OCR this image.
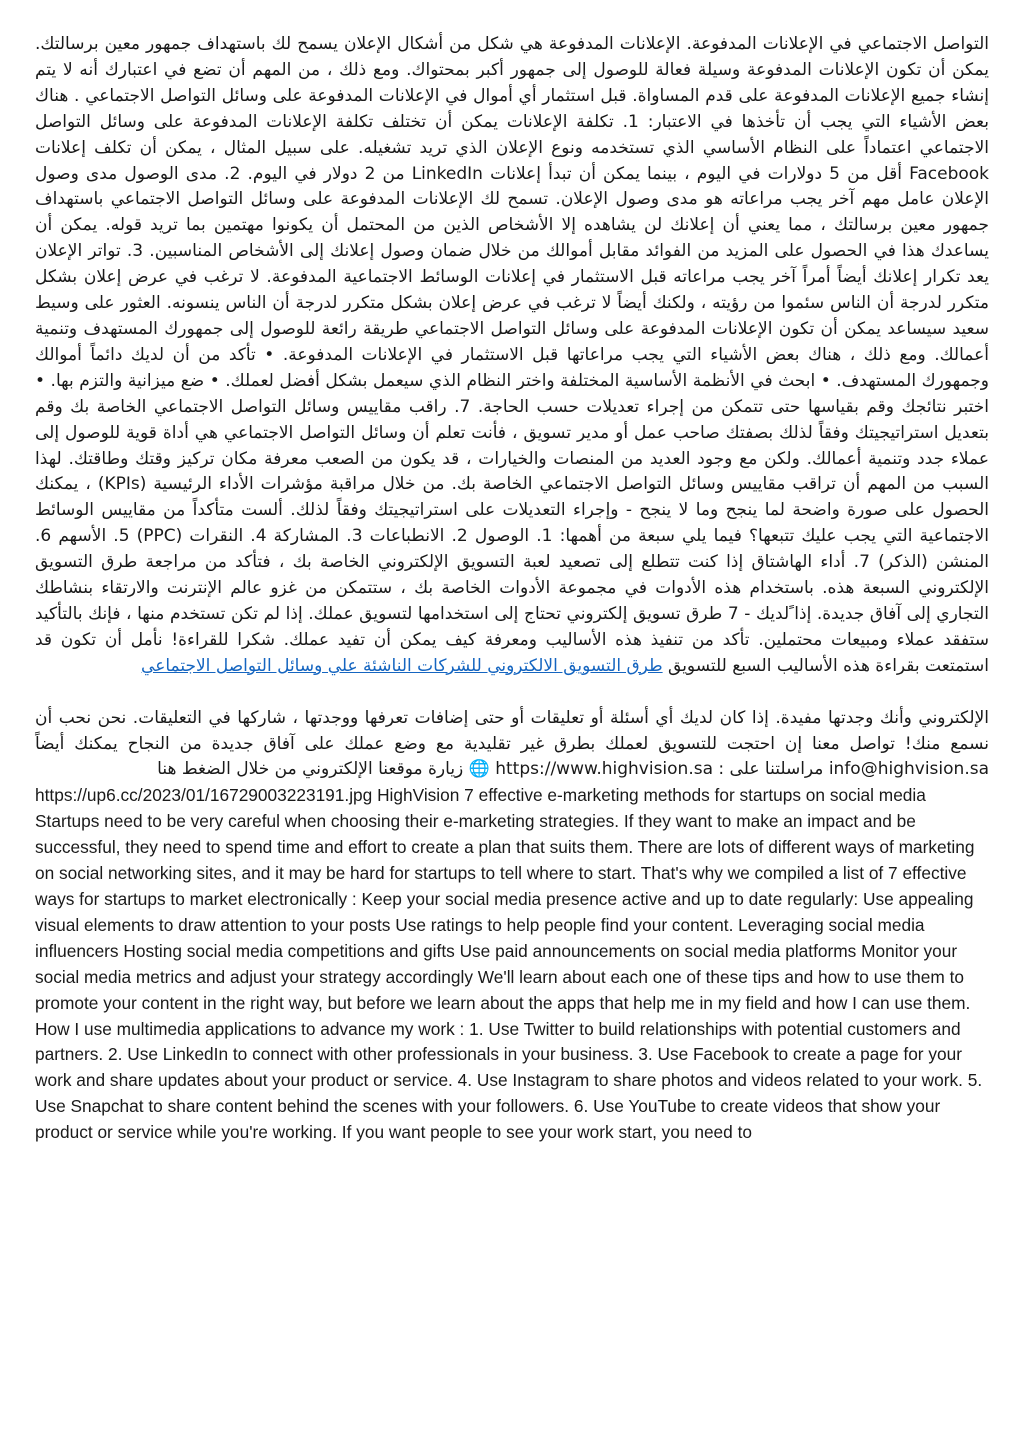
التواصل الاجتماعي في الإعلانات المدفوعة. الإعلانات المدفوعة هي شكل من أشكال الإعلان يسمح لك باستهداف جمهور معين برسالتك. يمكن أن تكون الإعلانات المدفوعة وسيلة فعالة للوصول إلى جمهور أكبر بمحتواك. ومع ذلك ، من المهم أن تضع في اعتبارك أنه لا يتم إنشاء جميع الإعلانات المدفوعة على قدم المساواة. قبل استثمار أي أموال في الإعلانات المدفوعة على وسائل التواصل الاجتماعي . هناك بعض الأشياء التي يجب أن تأخذها في الاعتبار: 1. تكلفة الإعلانات يمكن أن تختلف تكلفة الإعلانات المدفوعة على وسائل التواصل الاجتماعي اعتماداً على النظام الأساسي الذي تستخدمه ونوع الإعلان الذي تريد تشغيله. على سبيل المثال ، يمكن أن تكلف إعلانات Facebook أقل من 5 دولارات في اليوم ، بينما يمكن أن تبدأ إعلانات LinkedIn من 2 دولار في اليوم. 2. مدى الوصول مدى وصول الإعلان عامل مهم آخر يجب مراعاته هو مدى وصول الإعلان. تسمح لك الإعلانات المدفوعة على وسائل التواصل الاجتماعي باستهداف جمهور معين برسالتك ، مما يعني أن إعلانك لن يشاهده إلا الأشخاص الذين من المحتمل أن يكونوا مهتمين بما تريد قوله. يمكن أن يساعدك هذا في الحصول على المزيد من الفوائد مقابل أموالك من خلال ضمان وصول إعلانك إلى الأشخاص المناسبين. 3. تواتر الإعلان يعد تكرار إعلانك أيضاً أمراً آخر يجب مراعاته قبل الاستثمار في إعلانات الوسائط الاجتماعية المدفوعة. لا ترغب في عرض إعلان بشكل متكرر لدرجة أن الناس سئموا من رؤيته ، ولكنك أيضاً لا ترغب في عرض إعلان بشكل متكرر لدرجة أن الناس ينسونه. العثور على وسيط سعيد سيساعد يمكن أن تكون الإعلانات المدفوعة على وسائل التواصل الاجتماعي طريقة رائعة للوصول إلى جمهورك المستهدف وتنمية أعمالك. ومع ذلك ، هناك بعض الأشياء التي يجب مراعاتها قبل الاستثمار في الإعلانات المدفوعة. • تأكد من أن لديك دائماً أموالك وجمهورك المستهدف. • ابحث في الأنظمة الأساسية المختلفة واختر النظام الذي سيعمل بشكل أفضل لعملك. • ضع ميزانية والتزم بها. • اختبر نتائجك وقم بقياسها حتى تتمكن من إجراء تعديلات حسب الحاجة. 7. راقب مقاييس وسائل التواصل الاجتماعي الخاصة بك وقم بتعديل استراتيجيتك وفقاً لذلك بصفتك صاحب عمل أو مدير تسويق ، فأنت تعلم أن وسائل التواصل الاجتماعي هي أداة قوية للوصول إلى عملاء جدد وتنمية أعمالك. ولكن مع وجود العديد من المنصات والخيارات ، قد يكون من الصعب معرفة مكان تركيز وقتك وطاقتك. لهذا السبب من المهم أن تراقب مقاييس وسائل التواصل الاجتماعي الخاصة بك. من خلال مراقبة مؤشرات الأداء الرئيسية (KPIs) ، يمكنك الحصول على صورة واضحة لما ينجح وما لا ينجح - وإجراء التعديلات على استراتيجيتك وفقاً لذلك. ألست متأكداً من مقاييس الوسائط الاجتماعية التي يجب عليك تتبعها؟ فيما يلي سبعة من أهمها: 1. الوصول 2. الانطباعات 3. المشاركة 4. النقرات (PPC) 5. الأسهم 6. المنشن (الذكر) 7. أداء الهاشتاق إذا كنت تتطلع إلى تصعيد لعبة التسويق الإلكتروني الخاصة بك ، فتأكد من مراجعة طرق التسويق الإلكتروني السبعة هذه. باستخدام هذه الأدوات في مجموعة الأدوات الخاصة بك ، ستتمكن من غزو عالم الإنترنت والارتقاء بنشاطك التجاري إلى آفاق جديدة. إذا ًلديك - 7 طرق تسويق إلكتروني تحتاج إلى استخدامها لتسويق عملك. إذا لم تكن تستخدم منها ، فإنك بالتأكيد ستفقد عملاء ومبيعات محتملين. تأكد من تنفيذ هذه الأساليب ومعرفة كيف يمكن أن تفيد عملك. شكرا للقراءة! نأمل أن تكون قد استمتعت بقراءة هذه الأساليب السبع للتسويق طرق التسويق الالكتروني للشركات الناشئة علي وسائل التواصل الاجتماعي

الإلكتروني وأنك وجدتها مفيدة. إذا كان لديك أي أسئلة أو تعليقات أو حتى إضافات تعرفها ووجدتها ، شاركها في التعليقات. نحن نحب أن نسمع منك! تواصل معنا إن احتجت للتسويق لعملك بطرق غير تقليدية مع وضع عملك على آفاق جديدة من النجاح يمكنك أيضاً info@highvision.sa مراسلتنا على : https://www.highvision.sa 🌐 زيارة موقعنا الإلكتروني من خلال الضغط هنا

https://up6.cc/2023/01/16729003223191.jpg HighVision 7 effective e-marketing methods for startups on social media Startups need to be very careful when choosing their e-marketing strategies. If they want to make an impact and be successful, they need to spend time and effort to create a plan that suits them. There are lots of different ways of marketing on social networking sites, and it may be hard for startups to tell where to start. That's why we compiled a list of 7 effective ways for startups to market electronically : Keep your social media presence active and up to date regularly: Use appealing visual elements to draw attention to your posts Use ratings to help people find your content. Leveraging social media influencers Hosting social media competitions and gifts Use paid announcements on social media platforms Monitor your social media metrics and adjust your strategy accordingly We'll learn about each one of these tips and how to use them to promote your content in the right way, but before we learn about the apps that help me in my field and how I can use them. How I use multimedia applications to advance my work : 1. Use Twitter to build relationships with potential customers and partners. 2. Use LinkedIn to connect with other professionals in your business. 3. Use Facebook to create a page for your work and share updates about your product or service. 4. Use Instagram to share photos and videos related to your work. 5. Use Snapchat to share content behind the scenes with your followers. 6. Use YouTube to create videos that show your product or service while you're working. If you want people to see your work start, you need to
